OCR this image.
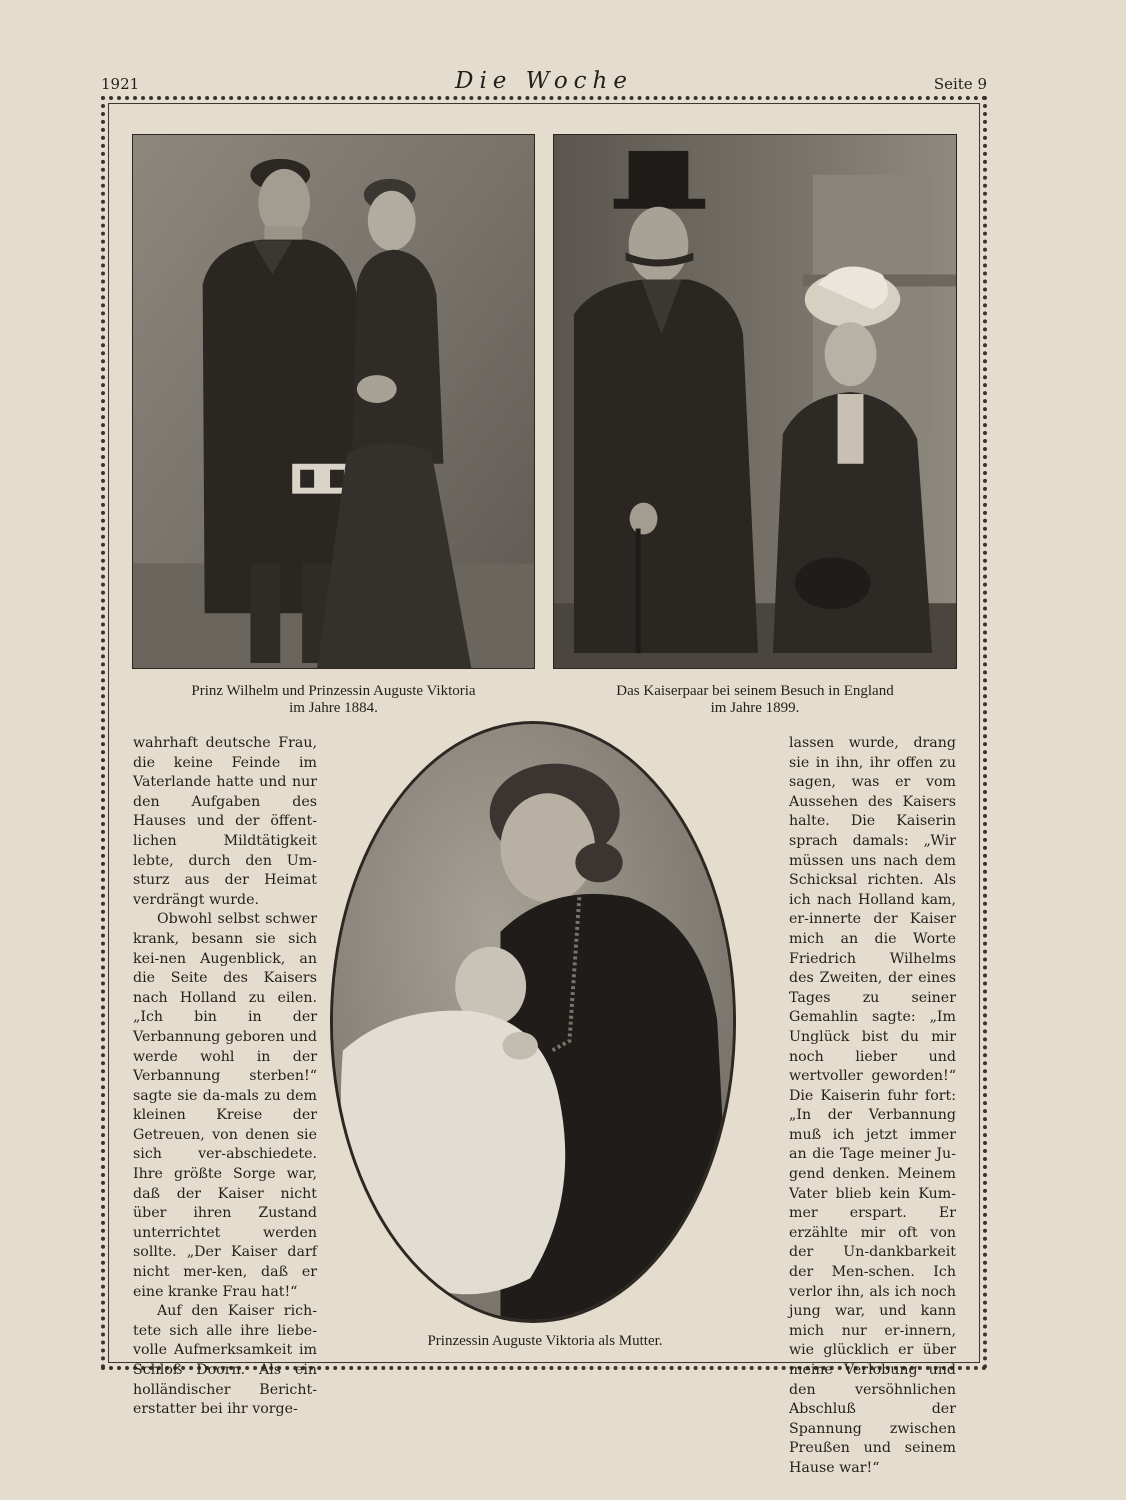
1921	Die Woche	Seite 9
Prinz Wilhelm und Prinzessin Auguste Viktoria
im Jahre 1884.
Das Kaiserpaar bei seinem Besuch in England
im Jahre 1899.
Prinzessin Auguste Viktoria als Mutter.

wahrhaft deutsche Frau, die keine Feinde im Vaterlande hatte und nur den Aufgaben des Hauses und der öffent-lichen Mildtätigkeit lebte, durch den Um-sturz aus der Heimat verdrängt wurde.

Obwohl selbst schwer krank, besann sie sich kei-nen Augenblick, an die Seite des Kaisers nach Holland zu eilen. „Ich bin in der Verbannung geboren und werde wohl in der Verbannung sterben!“ sagte sie da-mals zu dem kleinen Kreise der Getreuen, von denen sie sich ver-abschiedete. Ihre größte Sorge war, daß der Kaiser nicht über ihren Zustand unterrichtet werden sollte. „Der Kaiser darf nicht mer-ken, daß er eine kranke Frau hat!“

Auf den Kaiser rich-tete sich alle ihre liebe-volle Aufmerksamkeit im Schloß Doorn. Als ein holländischer Bericht-erstatter bei ihr vorge-

lassen wurde, drang sie in ihn, ihr offen zu sagen, was er vom Aussehen des Kaisers halte. Die Kaiserin sprach damals: „Wir müssen uns nach dem Schicksal richten. Als ich nach Holland kam, er-innerte der Kaiser mich an die Worte Friedrich Wilhelms des Zweiten, der eines Tages zu seiner Gemahlin sagte: „Im Unglück bist du mir noch lieber und wertvoller geworden!“ Die Kaiserin fuhr fort: „In der Verbannung muß ich jetzt immer an die Tage meiner Ju-gend denken. Meinem Vater blieb kein Kum-mer erspart. Er erzählte mir oft von der Un-dankbarkeit der Men-schen. Ich verlor ihn, als ich noch jung war, und kann mich nur er-innern, wie glücklich er über meine Verlobung und den versöhnlichen Abschluß der Spannung zwischen Preußen und seinem Hause war!“
